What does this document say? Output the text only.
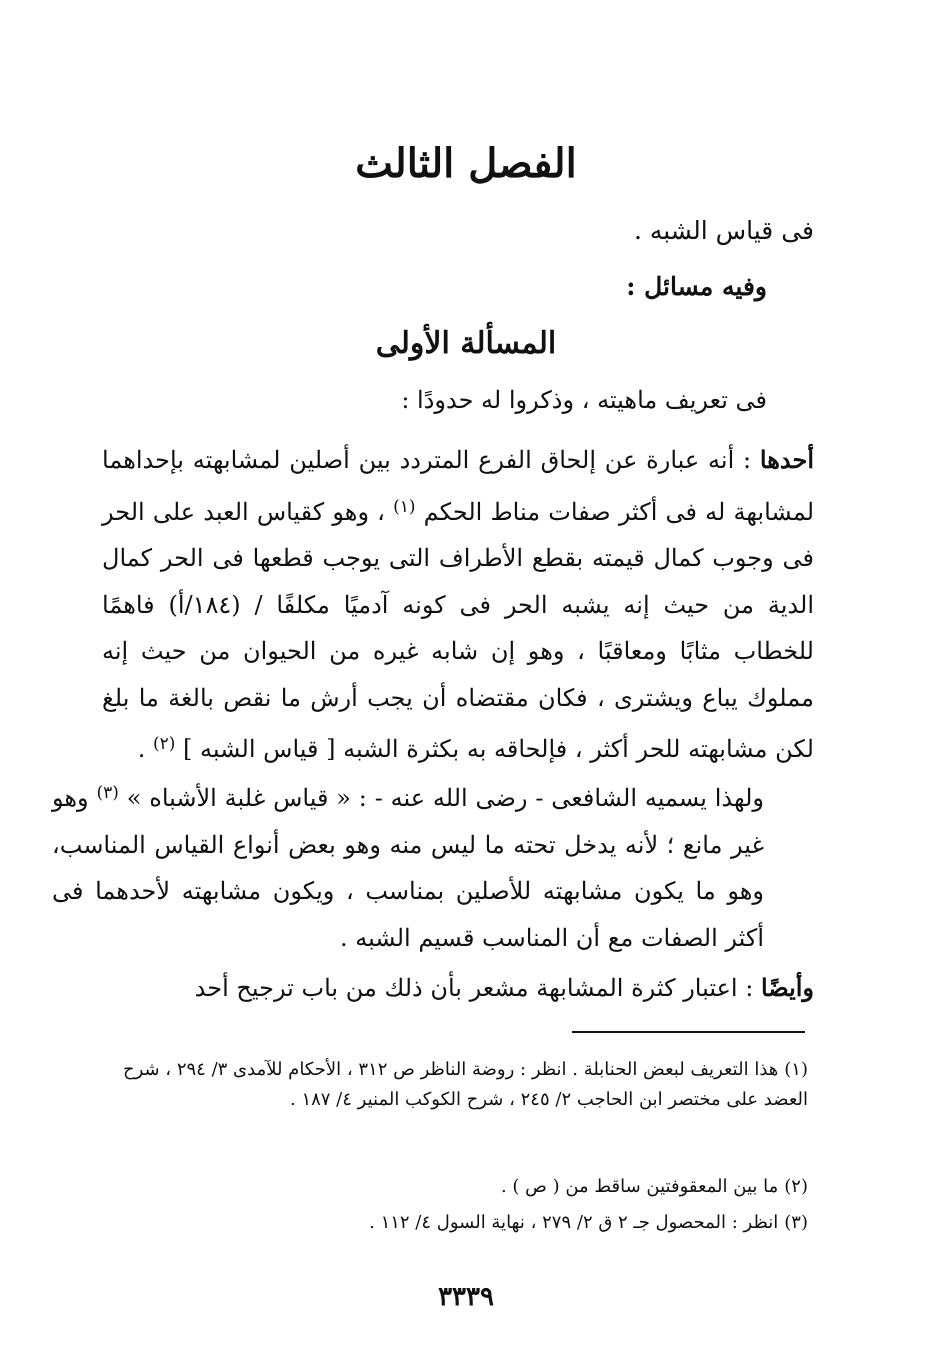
الفصل الثالث
فى قياس الشبه .
وفيه مسائل :
المسألة الأولى
فى تعريف ماهيته ، وذكروا له حدودًا :
أحدها : أنه عبارة عن إلحاق الفرع المتردد بين أصلين لمشابهته بإحداهما لمشابهة له فى أكثر صفات مناط الحكم $^{(١)}$ ، وهو كقياس العبد على الحر فى وجوب كمال قيمته بقطع الأطراف التى يوجب قطعها فى الحر كمال الدية من حيث إنه يشبه الحر فى كونه آدميًا مكلفًا / (١٨٤/أ) فاهمًا للخطاب مثابًا ومعاقبًا ، وهو إن شابه غيره من الحيوان من حيث إنه مملوك يباع ويشترى ، فكان مقتضاه أن يجب أرش ما نقص بالغة ما بلغ لكن مشابهته للحر أكثر ، فإلحاقه به بكثرة الشبه [ قياس الشبه ] $^{(٢)}$ .
ولهذا يسميه الشافعى - رضى الله عنه - : « قياس غلبة الأشباه » $^{(٣)}$ وهو غير مانع ؛ لأنه يدخل تحته ما ليس منه وهو بعض أنواع القياس المناسب، وهو ما يكون مشابهته للأصلين بمناسب ، ويكون مشابهته لأحدهما فى أكثر الصفات مع أن المناسب قسيم الشبه .
وأيضًا : اعتبار كثرة المشابهة مشعر بأن ذلك من باب ترجيح أحد
(١)هذا التعريف لبعض الحنابلة . انظر : روضة الناظر ص ٣١٢ ، الأحكام للآمدى ٣/ ٢٩٤ ، شرح العضد على مختصر ابن الحاجب ٢/ ٢٤٥ ، شرح الكوكب المنير ٤/ ١٨٧ .
(٢)ما بين المعقوفتين ساقط من ( ص ) .
(٣)انظر : المحصول جـ ٢ ق ٢/ ٢٧٩ ، نهاية السول ٤/ ١١٢ .
٣٣٣٩
